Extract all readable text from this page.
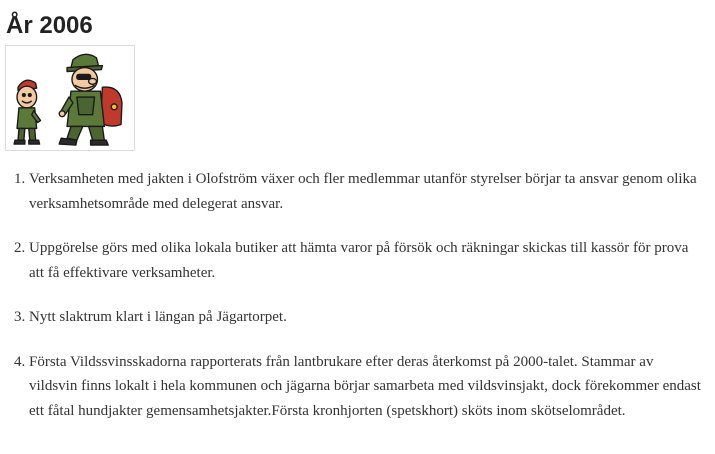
År 2006
1. Verksamheten med jakten i Olofström växer och fler medlemmar utanför styrelser börjar ta ansvar genom olika verksamhetsområde med delegerat ansvar.
2. Uppgörelse görs med olika lokala butiker att hämta varor på försök och räkningar skickas till kassör för prova att få effektivare verksamheter.
3. Nytt slaktrum klart i längan på Jägartorpet.
4. Första Vildssvinsskadorna rapporterats från lantbrukare efter deras återkomst på 2000-talet. Stammar av vildsvin finns lokalt i hela kommunen och jägarna börjar samarbeta med vildsvinsjakt, dock förekommer endast ett fåtal hundjakter gemensamhetsjakter.Första kronhjorten (spetskhort) sköts inom skötselområdet.
